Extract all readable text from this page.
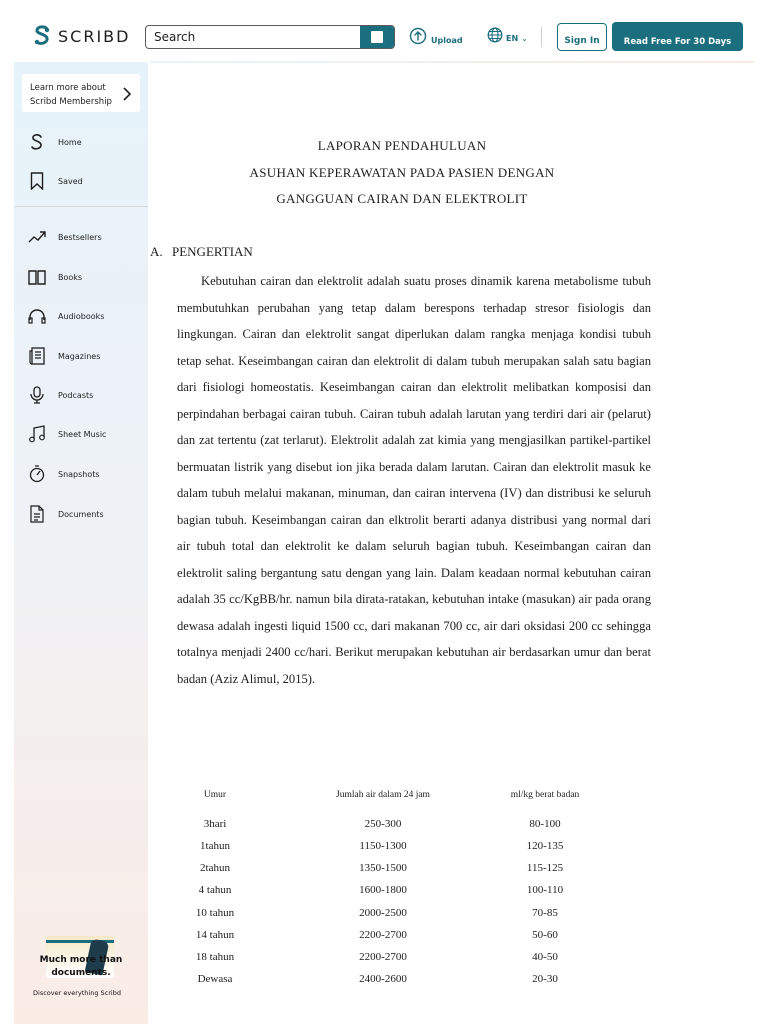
SCRIBD
Search	Upload	EN ⌄	Sign In	Read Free For 30 Days
Learn more about Scribd Membership
Home
Saved
Bestsellers
Books
Audiobooks
Magazines
Podcasts
Sheet Music
Snapshots
Documents
Much more than documents.
Discover everything Scribd
LAPORAN PENDAHULUAN
ASUHAN KEPERAWATAN PADA PASIEN DENGAN
GANGGUAN CAIRAN DAN ELEKTROLIT
A. PENGERTIAN

Kebutuhan cairan dan elektrolit adalah suatu proses dinamik karena metabolisme tubuh membutuhkan perubahan yang tetap dalam berespons terhadap stresor fisiologis dan lingkungan. Cairan dan elektrolit sangat diperlukan dalam rangka menjaga kondisi tubuh tetap sehat. Keseimbangan cairan dan elektrolit di dalam tubuh merupakan salah satu bagian dari fisiologi homeostatis. Keseimbangan cairan dan elektrolit melibatkan komposisi dan perpindahan berbagai cairan tubuh. Cairan tubuh adalah larutan yang terdiri dari air (pelarut) dan zat tertentu (zat terlarut). Elektrolit adalah zat kimia yang mengjasilkan partikel-partikel bermuatan listrik yang disebut ion jika berada dalam larutan. Cairan dan elektrolit masuk ke dalam tubuh melalui makanan, minuman, dan cairan intervena (IV) dan distribusi ke seluruh bagian tubuh. Keseimbangan cairan dan elktrolit berarti adanya distribusi yang normal dari air tubuh total dan elektrolit ke dalam seluruh bagian tubuh. Keseimbangan cairan dan elektrolit saling bergantung satu dengan yang lain. Dalam keadaan normal kebutuhan cairan adalah 35 cc/KgBB/hr. namun bila dirata-ratakan, kebutuhan intake (masukan) air pada orang dewasa adalah ingesti liquid 1500 cc, dari makanan 700 cc, air dari oksidasi 200 cc sehingga totalnya menjadi 2400 cc/hari. Berikut merupakan kebutuhan air berdasarkan umur dan berat badan (Aziz Alimul, 2015).

Umur	Jumlah air dalam 24 jam	ml/kg berat badan
3hari	250-300	80-100
1tahun	1150-1300	120-135
2tahun	1350-1500	115-125
4 tahun	1600-1800	100-110
10 tahun	2000-2500	70-85
14 tahun	2200-2700	50-60
18 tahun	2200-2700	40-50
Dewasa	2400-2600	20-30
